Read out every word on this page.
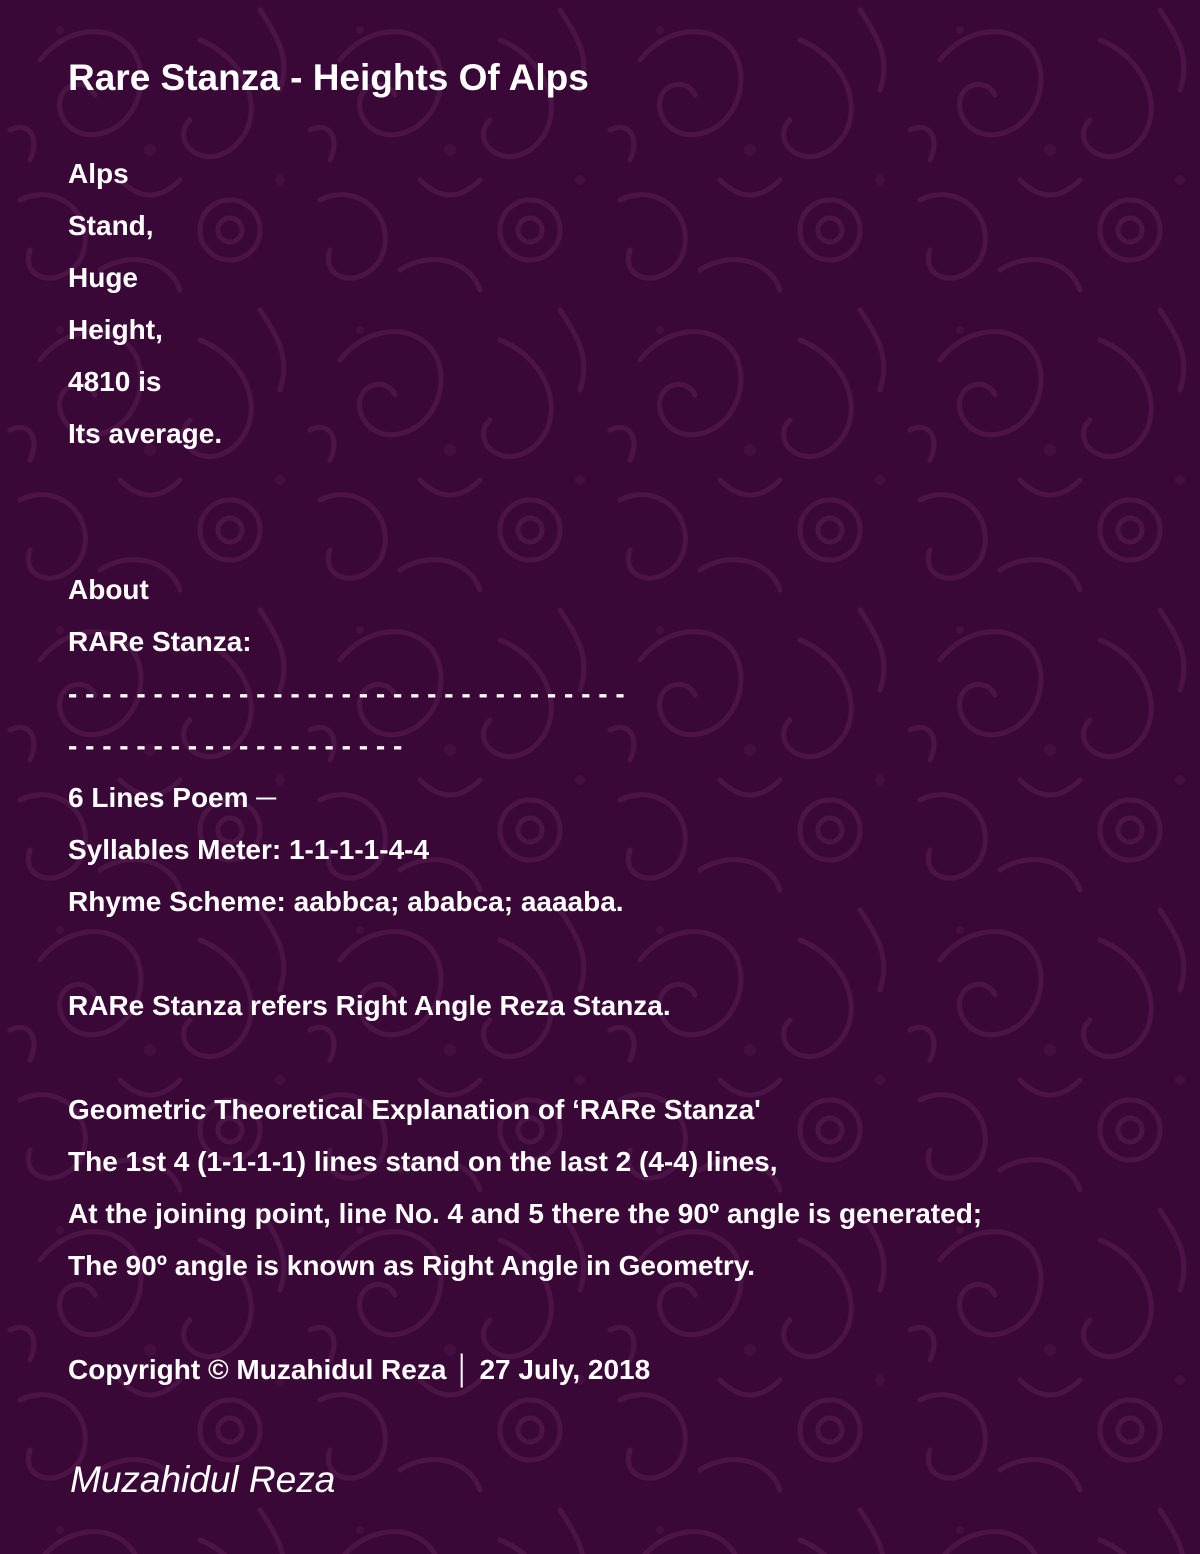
Rare Stanza - Heights Of Alps
Alps
Stand,
Huge
Height,
4810 is
Its average.
About
RARe Stanza:
- - - - - - - - - - - - - - - - - - - - - - - - - - - - - - - - -
- - - - - - - - - - - - - - - - - - - -
6 Lines Poem ─
Syllables Meter: 1-1-1-1-4-4
Rhyme Scheme: aabbca; ababca; aaaaba.
RARe Stanza refers Right Angle Reza Stanza.
Geometric Theoretical Explanation of ‘RARe Stanza'
The 1st 4 (1-1-1-1) lines stand on the last 2 (4-4) lines,
At the joining point, line No. 4 and 5 there the 90º angle is generated;
The 90º angle is known as Right Angle in Geometry.
Copyright © Muzahidul Reza │ 27 July, 2018
Muzahidul Reza
